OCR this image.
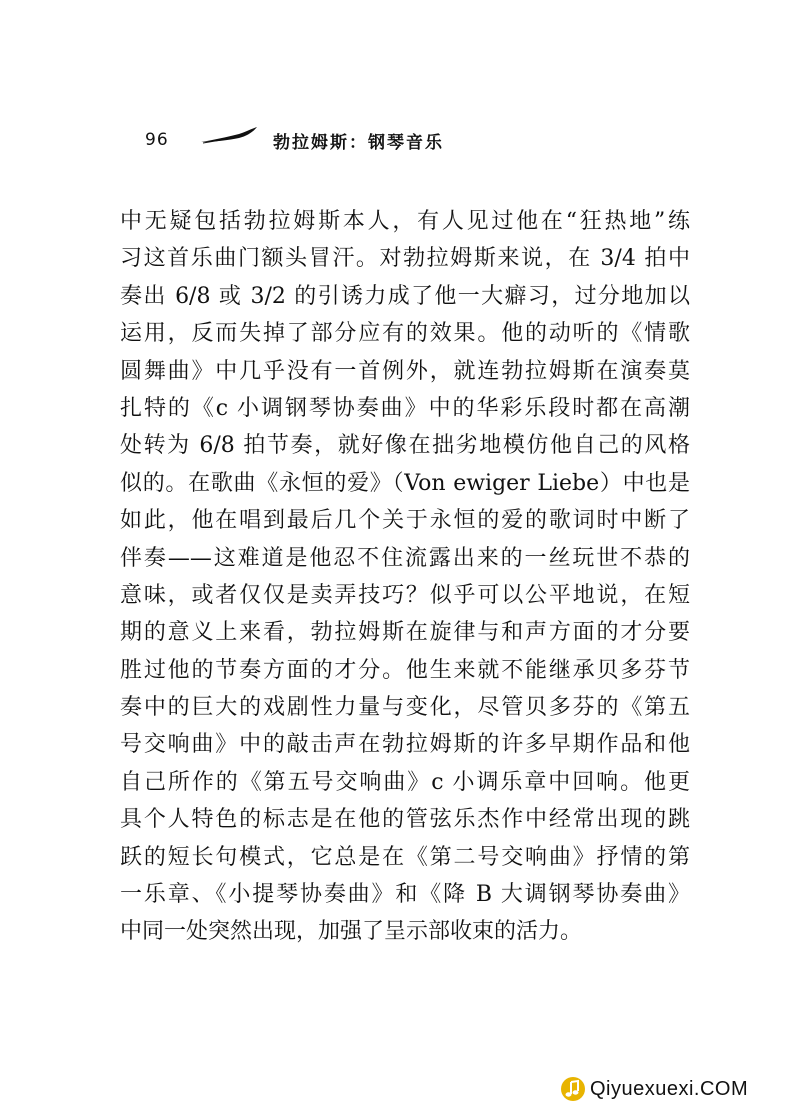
96	勃拉姆斯：钢琴音乐
中无疑包括勃拉姆斯本人，有人见过他在“狂热地”练
习这首乐曲门额头冒汗。对勃拉姆斯来说，在 3/4 拍中
奏出 6/8 或 3/2 的引诱力成了他一大癖习，过分地加以
运用，反而失掉了部分应有的效果。他的动听的《情歌
圆舞曲》中几乎没有一首例外，就连勃拉姆斯在演奏莫
扎特的《c 小调钢琴协奏曲》中的华彩乐段时都在高潮
处转为 6/8 拍节奏，就好像在拙劣地模仿他自己的风格
似的。在歌曲《永恒的爱》（Von ewiger Liebe）中也是
如此，他在唱到最后几个关于永恒的爱的歌词时中断了
伴奏——这难道是他忍不住流露出来的一丝玩世不恭的
意味，或者仅仅是卖弄技巧？似乎可以公平地说，在短
期的意义上来看，勃拉姆斯在旋律与和声方面的才分要
胜过他的节奏方面的才分。他生来就不能继承贝多芬节
奏中的巨大的戏剧性力量与变化，尽管贝多芬的《第五
号交响曲》中的敲击声在勃拉姆斯的许多早期作品和他
自己所作的《第五号交响曲》c 小调乐章中回响。他更
具个人特色的标志是在他的管弦乐杰作中经常出现的跳
跃的短长句模式，它总是在《第二号交响曲》抒情的第
一乐章、《小提琴协奏曲》和《降 B 大调钢琴协奏曲》
中同一处突然出现，加强了呈示部收束的活力。
Qiyuexuexi.COM
